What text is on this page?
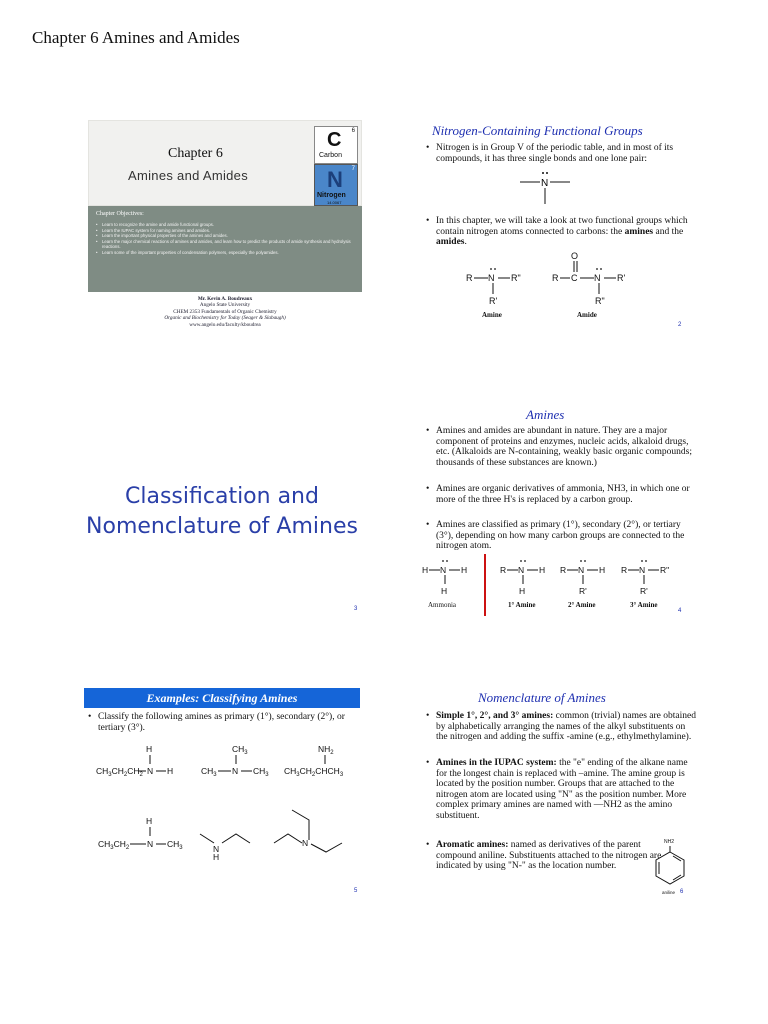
Chapter 6 Amines and Amides
Chapter 6
Amines and Amides
6
C
Carbon
7
N
Nitrogen
14.0067
Chapter Objectives:
• Learn to recognize the amine and amide functional groups.
• Learn the IUPAC system for naming amines and amides.
• Learn the important physical properties of the amines and amides.
• Learn the major chemical reactions of amines and amides, and learn how to predict the products of amide synthesis and hydrolysis reactions.
• Learn some of the important properties of condensation polymers, especially the polyamides.
Mr. Kevin A. Boudreaux
Angelo State University
CHEM 2353 Fundamentals of Organic Chemistry
Organic and Biochemistry for Today (Seager & Slabaugh)
www.angelo.edu/faculty/kboudrea
Nitrogen-Containing Functional Groups
• Nitrogen is in Group V of the periodic table, and in most of its compounds, it has three single bonds and one lone pair:
N
• In this chapter, we will take a look at two functional groups which contain nitrogen atoms connected to carbons: the amines and the amides.
R N R"
R'
R C
O
N R'
R"
Amine	Amide
2
Classification and
Nomenclature of Amines
3
Amines
• Amines and amides are abundant in nature. They are a major component of proteins and enzymes, nucleic acids, alkaloid drugs, etc. (Alkaloids are N-containing, weakly basic organic compounds; thousands of these substances are known.)
• Amines are organic derivatives of ammonia, NH3, in which one or more of the three H's is replaced by a carbon group.
• Amines are classified as primary (1°), secondary (2°), or tertiary (3°), depending on how many carbon groups are connected to the nitrogen atom.
H N H
H
R N H
H
R N H
R'
R N R"
R'
Ammonia	1° Amine	2° Amine	3° Amine
4
Examples: Classifying Amines
• Classify the following amines as primary (1°), secondary (2°), or tertiary (3°).
H
$CH_3CH_2CH_2$ N H
$CH_3$
$CH_3$ N $CH_3$
$NH_2$
$CH_3CH_2CHCH_3$
H
$CH_3CH_2$ N $CH_3$	N
H
N
5
Nomenclature of Amines
• Simple 1°, 2°, and 3° amines: common (trivial) names are obtained by alphabetically arranging the names of the alkyl substituents on the nitrogen and adding the suffix -amine (e.g., ethylmethylamine).
• Amines in the IUPAC system: the "e" ending of the alkane name for the longest chain is replaced with –amine. The amine group is located by the position number. Groups that are attached to the nitrogen atom are located using "N" as the position number. More complex primary amines are named with —NH2 as the amino substituent.
• Aromatic amines: named as derivatives of the parent compound aniline. Substituents attached to the nitrogen are indicated by using "N-" as the location number.
NH2
aniline 6
